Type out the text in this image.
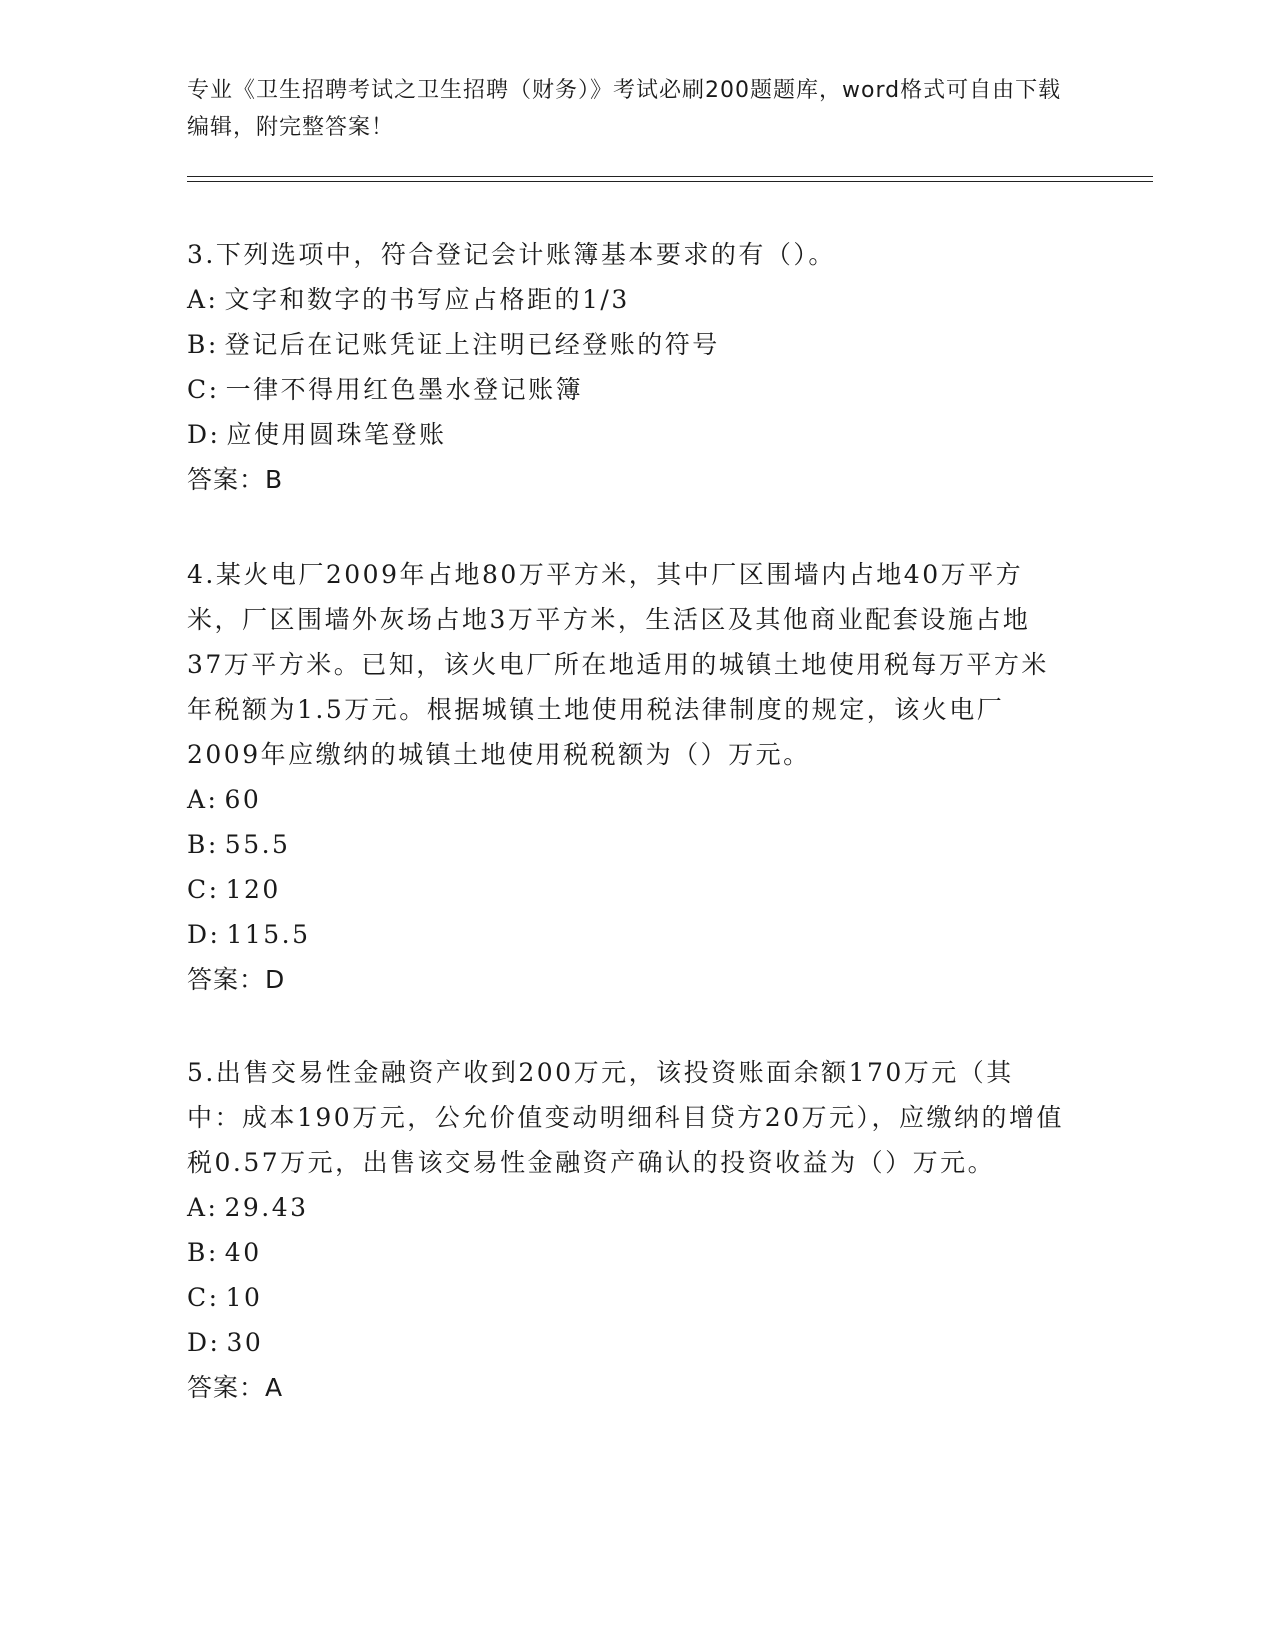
专业《卫生招聘考试之卫生招聘（财务）》考试必刷200题题库，word格式可自由下载编辑，附完整答案！

3.下列选项中，符合登记会计账簿基本要求的有（）。

A: 文字和数字的书写应占格距的1/3

B: 登记后在记账凭证上注明已经登账的符号

C: 一律不得用红色墨水登记账簿

D: 应使用圆珠笔登账

答案：B

4.某火电厂2009年占地80万平方米，其中厂区围墙内占地40万平方米，厂区围墙外灰场占地3万平方米，生活区及其他商业配套设施占地37万平方米。已知，该火电厂所在地适用的城镇土地使用税每万平方米年税额为1.5万元。根据城镇土地使用税法律制度的规定，该火电厂2009年应缴纳的城镇土地使用税税额为（）万元。

A: 60

B: 55.5

C: 120

D: 115.5

答案：D

5.出售交易性金融资产收到200万元，该投资账面余额170万元（其中：成本190万元，公允价值变动明细科目贷方20万元），应缴纳的增值税0.57万元，出售该交易性金融资产确认的投资收益为（）万元。

A: 29.43

B: 40

C: 10

D: 30

答案：A
